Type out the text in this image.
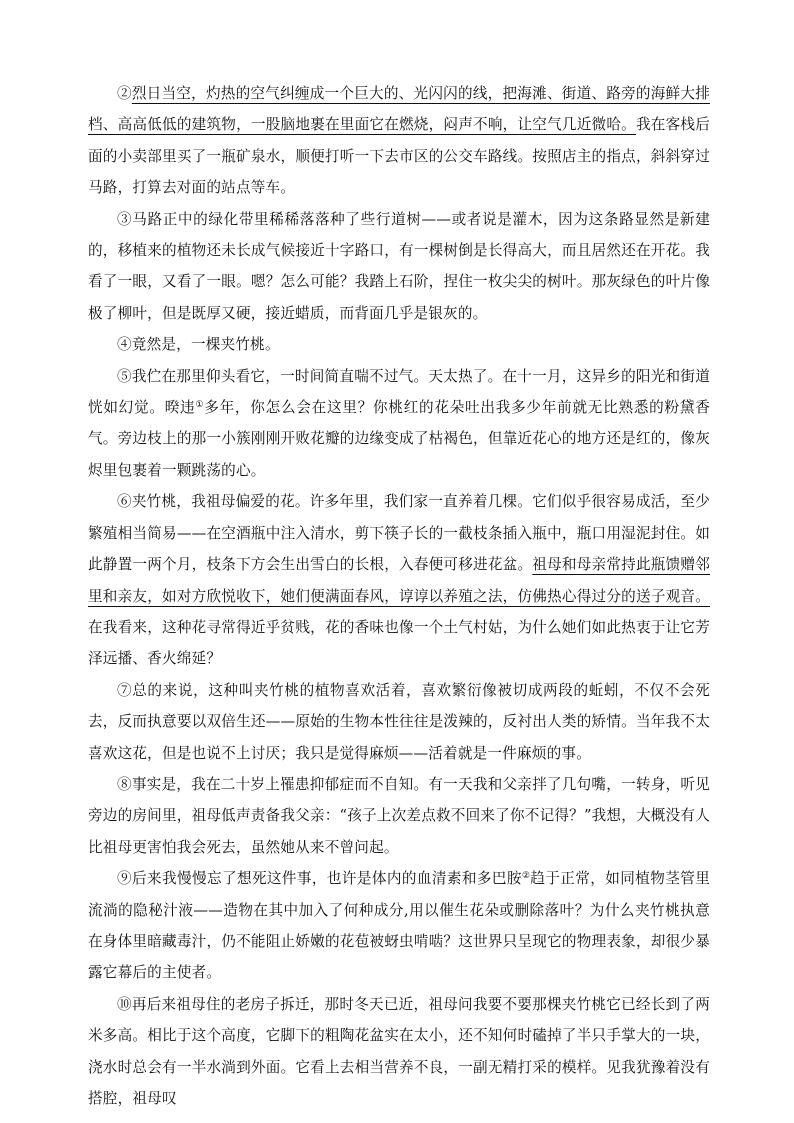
②烈日当空，灼热的空气纠缠成一个巨大的、光闪闪的线，把海滩、街道、路旁的海鲜大排档、高高低低的建筑物，一股脑地裹在里面它在燃烧，闷声不响，让空气几近微哈。我在客栈后面的小卖部里买了一瓶矿泉水，顺便打听一下去市区的公交车路线。按照店主的指点，斜斜穿过马路，打算去对面的站点等车。

③马路正中的绿化带里稀稀落落种了些行道树——或者说是灌木，因为这条路显然是新建的，移植来的植物还未长成气候接近十字路口，有一棵树倒是长得高大，而且居然还在开花。我看了一眼，又看了一眼。嗯？怎么可能？我踏上石阶，捏住一枚尖尖的树叶。那灰绿色的叶片像极了柳叶，但是既厚又硬，接近蜡质，而背面几乎是银灰的。

④竟然是，一棵夹竹桃。

⑤我伫在那里仰头看它，一时间简直喘不过气。天太热了。在十一月，这异乡的阳光和街道恍如幻觉。暌违①多年，你怎么会在这里？你桃红的花朵吐出我多少年前就无比熟悉的粉黛香气。旁边枝上的那一小簇刚刚开败花瓣的边缘变成了枯褐色，但靠近花心的地方还是红的，像灰烬里包裹着一颗跳荡的心。

⑥夹竹桃，我祖母偏爱的花。许多年里，我们家一直养着几棵。它们似乎很容易成活，至少繁殖相当简易——在空酒瓶中注入清水，剪下筷子长的一截枝条插入瓶中，瓶口用湿泥封住。如此静置一两个月，枝条下方会生出雪白的长根，入春便可移进花盆。祖母和母亲常持此瓶馈赠邻里和亲友，如对方欣悦收下，她们便满面春风，谆谆以养殖之法，仿佛热心得过分的送子观音。在我看来，这种花寻常得近乎贫贱，花的香味也像一个土气村姑，为什么她们如此热衷于让它芳泽远播、香火绵延？

⑦总的来说，这种叫夹竹桃的植物喜欢活着，喜欢繁衍像被切成两段的蚯蚓，不仅不会死去，反而执意要以双倍生还——原始的生物本性往往是泼辣的，反衬出人类的矫情。当年我不太喜欢这花，但是也说不上讨厌；我只是觉得麻烦——活着就是一件麻烦的事。

⑧事实是，我在二十岁上罹患抑郁症而不自知。有一天我和父亲拌了几句嘴，一转身，听见旁边的房间里，祖母低声责备我父亲：“孩子上次差点救不回来了你不记得？”我想，大概没有人比祖母更害怕我会死去，虽然她从来不曾问起。

⑨后来我慢慢忘了想死这件事，也许是体内的血清素和多巴胺②趋于正常，如同植物茎管里流淌的隐秘汁液——造物在其中加入了何种成分,用以催生花朵或删除落叶？为什么夹竹桃执意在身体里暗藏毒汁，仍不能阻止娇嫩的花苞被蚜虫啃啮？这世界只呈现它的物理表象，却很少暴露它幕后的主使者。

⑩再后来祖母住的老房子拆迁，那时冬天已近，祖母问我要不要那棵夹竹桃它已经长到了两米多高。相比于这个高度，它脚下的粗陶花盆实在太小，还不知何时磕掉了半只手掌大的一块，浇水时总会有一半水淌到外面。它看上去相当营养不良，一副无精打采的模样。见我犹豫着没有搭腔，祖母叹
